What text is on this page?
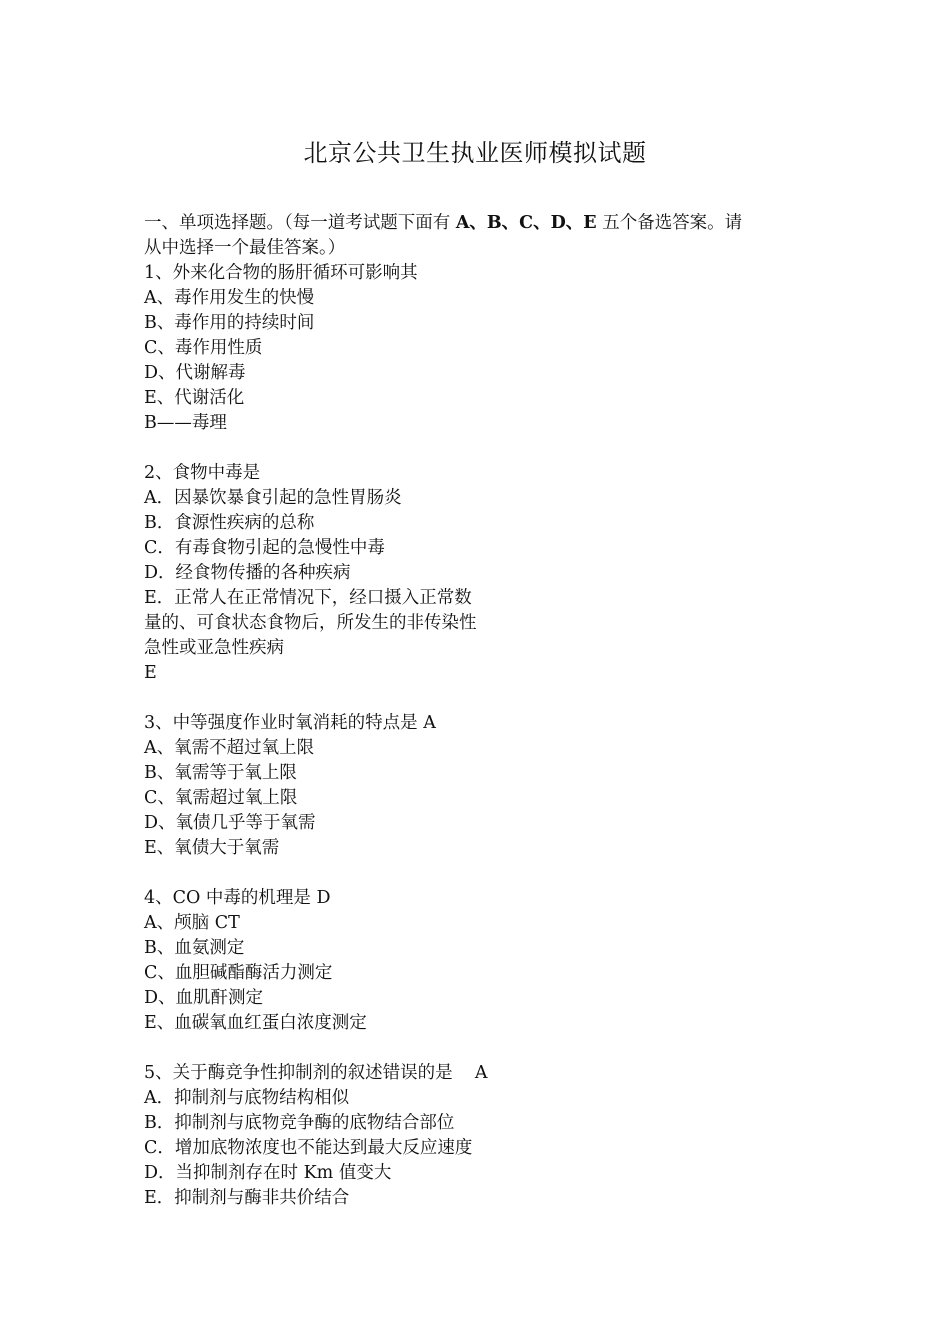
北京公共卫生执业医师模拟试题
一、单项选择题。（每一道考试题下面有 A、B、C、D、E 五个备选答案。请
从中选择一个最佳答案。）
1、外来化合物的肠肝循环可影响其
A、毒作用发生的快慢
B、毒作用的持续时间
C、毒作用性质
D、代谢解毒
E、代谢活化
B——毒理
2、食物中毒是
A．因暴饮暴食引起的急性胃肠炎
B．食源性疾病的总称
C．有毒食物引起的急慢性中毒
D．经食物传播的各种疾病
E．正常人在正常情况下，经口摄入正常数
量的、可食状态食物后，所发生的非传染性
急性或亚急性疾病
E
3、中等强度作业时氧消耗的特点是 A
A、氧需不超过氧上限
B、氧需等于氧上限
C、氧需超过氧上限
D、氧债几乎等于氧需
E、氧债大于氧需
4、CO 中毒的机理是 D
A、颅脑 CT
B、血氨测定
C、血胆碱酯酶活力测定
D、血肌酐测定
E、血碳氧血红蛋白浓度测定
5、关于酶竞争性抑制剂的叙述错误的是    A
A．抑制剂与底物结构相似
B．抑制剂与底物竞争酶的底物结合部位
C．增加底物浓度也不能达到最大反应速度
D．当抑制剂存在时 Km 值变大
E．抑制剂与酶非共价结合
